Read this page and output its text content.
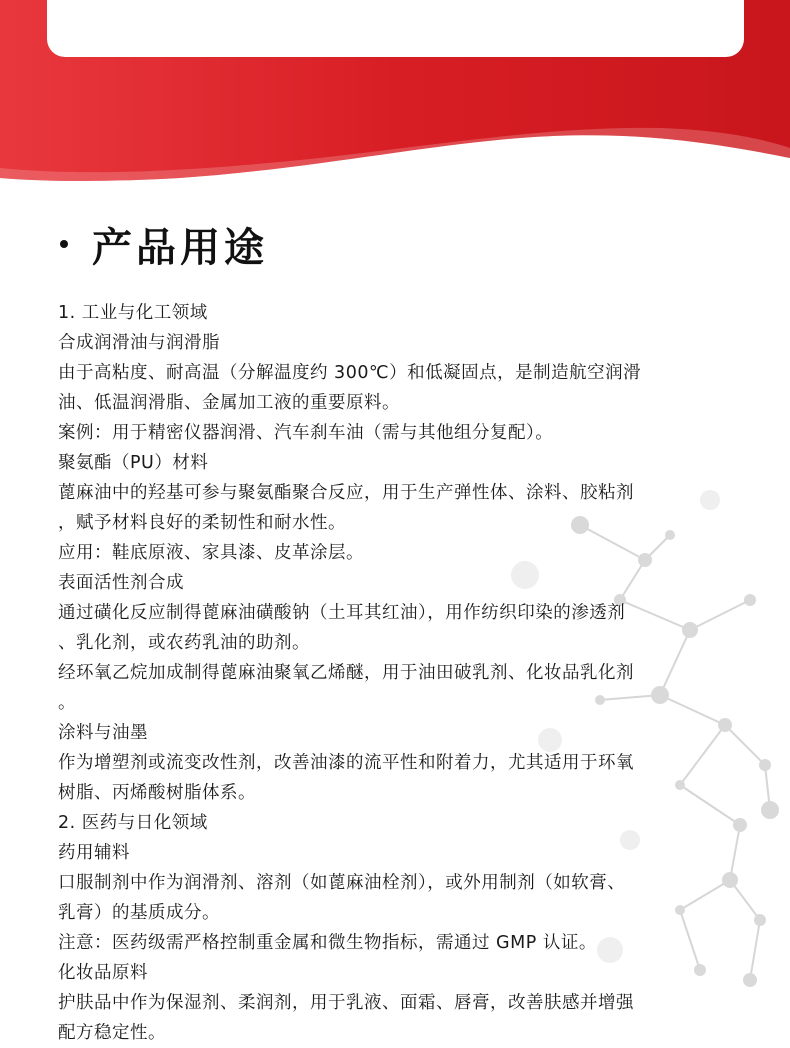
产品用途
1. 工业与化工领域
合成润滑油与润滑脂
由于高粘度、耐高温（分解温度约 300℃）和低凝固点，是制造航空润滑
油、低温润滑脂、金属加工液的重要原料。
案例：用于精密仪器润滑、汽车刹车油（需与其他组分复配）。
聚氨酯（PU）材料
蓖麻油中的羟基可参与聚氨酯聚合反应，用于生产弹性体、涂料、胶粘剂
，赋予材料良好的柔韧性和耐水性。
应用：鞋底原液、家具漆、皮革涂层。
表面活性剂合成
通过磺化反应制得蓖麻油磺酸钠（土耳其红油），用作纺织印染的渗透剂
、乳化剂，或农药乳油的助剂。
经环氧乙烷加成制得蓖麻油聚氧乙烯醚，用于油田破乳剂、化妆品乳化剂
。
涂料与油墨
作为增塑剂或流变改性剂，改善油漆的流平性和附着力，尤其适用于环氧
树脂、丙烯酸树脂体系。
2. 医药与日化领域
药用辅料
口服制剂中作为润滑剂、溶剂（如蓖麻油栓剂），或外用制剂（如软膏、
乳膏）的基质成分。
注意：医药级需严格控制重金属和微生物指标，需通过 GMP 认证。
化妆品原料
护肤品中作为保湿剂、柔润剂，用于乳液、面霜、唇膏，改善肤感并增强
配方稳定性。
